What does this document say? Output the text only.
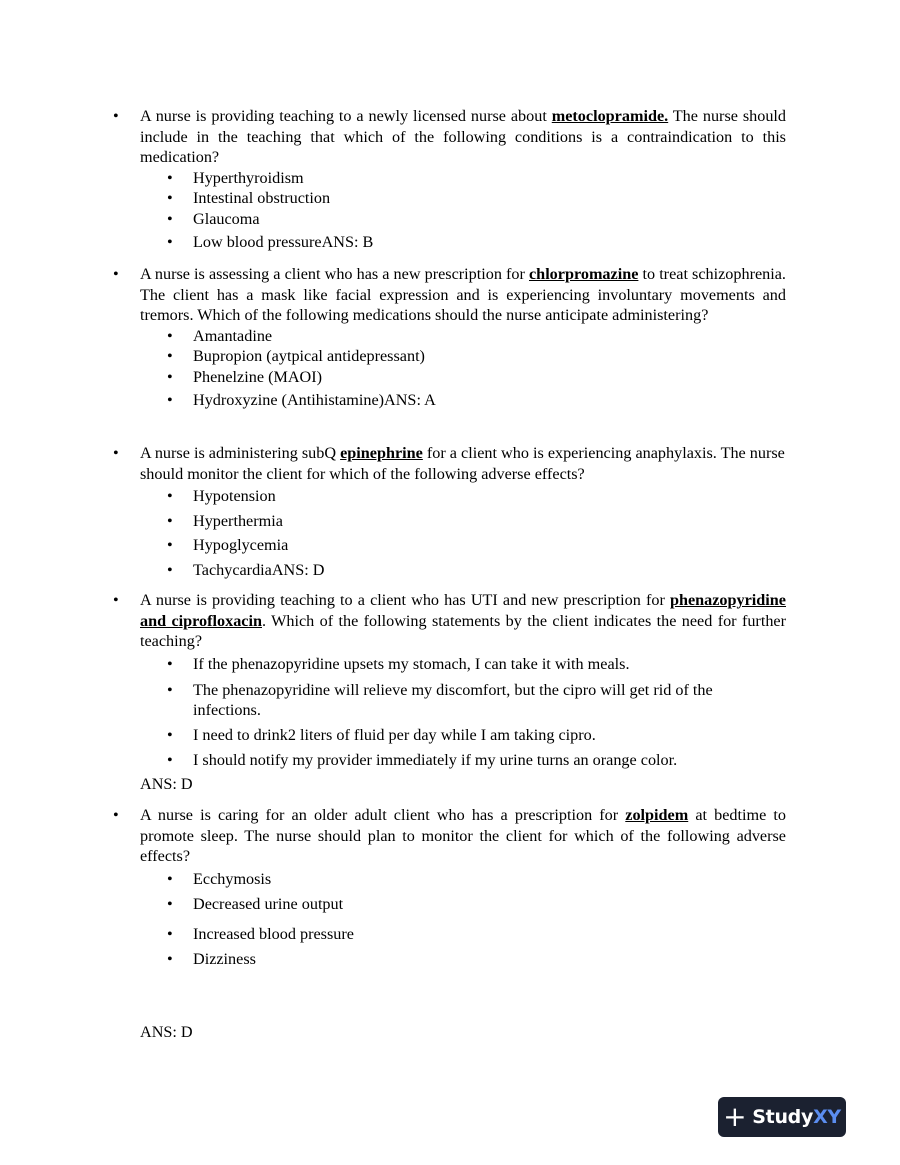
• A nurse is providing teaching to a newly licensed nurse about metoclopramide. The nurse should include in the teaching that which of the following conditions is a contraindication to this medication?
• Hyperthyroidism
• Intestinal obstruction
• Glaucoma
• Low blood pressureANS: B
• A nurse is assessing a client who has a new prescription for chlorpromazine to treat schizophrenia. The client has a mask like facial expression and is experiencing involuntary movements and tremors. Which of the following medications should the nurse anticipate administering?
• Amantadine
• Bupropion (aytpical antidepressant)
• Phenelzine (MAOI)
• Hydroxyzine (Antihistamine)ANS: A
• A nurse is administering subQ epinephrine for a client who is experiencing anaphylaxis. The nurse should monitor the client for which of the following adverse effects?
• Hypotension
• Hyperthermia
• Hypoglycemia
• TachycardiaANS: D
• A nurse is providing teaching to a client who has UTI and new prescription for phenazopyridine and ciprofloxacin. Which of the following statements by the client indicates the need for further teaching?
• If the phenazopyridine upsets my stomach, I can take it with meals.
• The phenazopyridine will relieve my discomfort, but the cipro will get rid of the infections.
• I need to drink2 liters of fluid per day while I am taking cipro.
• I should notify my provider immediately if my urine turns an orange color.
ANS: D
• A nurse is caring for an older adult client who has a prescription for zolpidem at bedtime to promote sleep. The nurse should plan to monitor the client for which of the following adverse effects?
• Ecchymosis
• Decreased urine output
• Increased blood pressure
• Dizziness
ANS: D
+ Study XY
